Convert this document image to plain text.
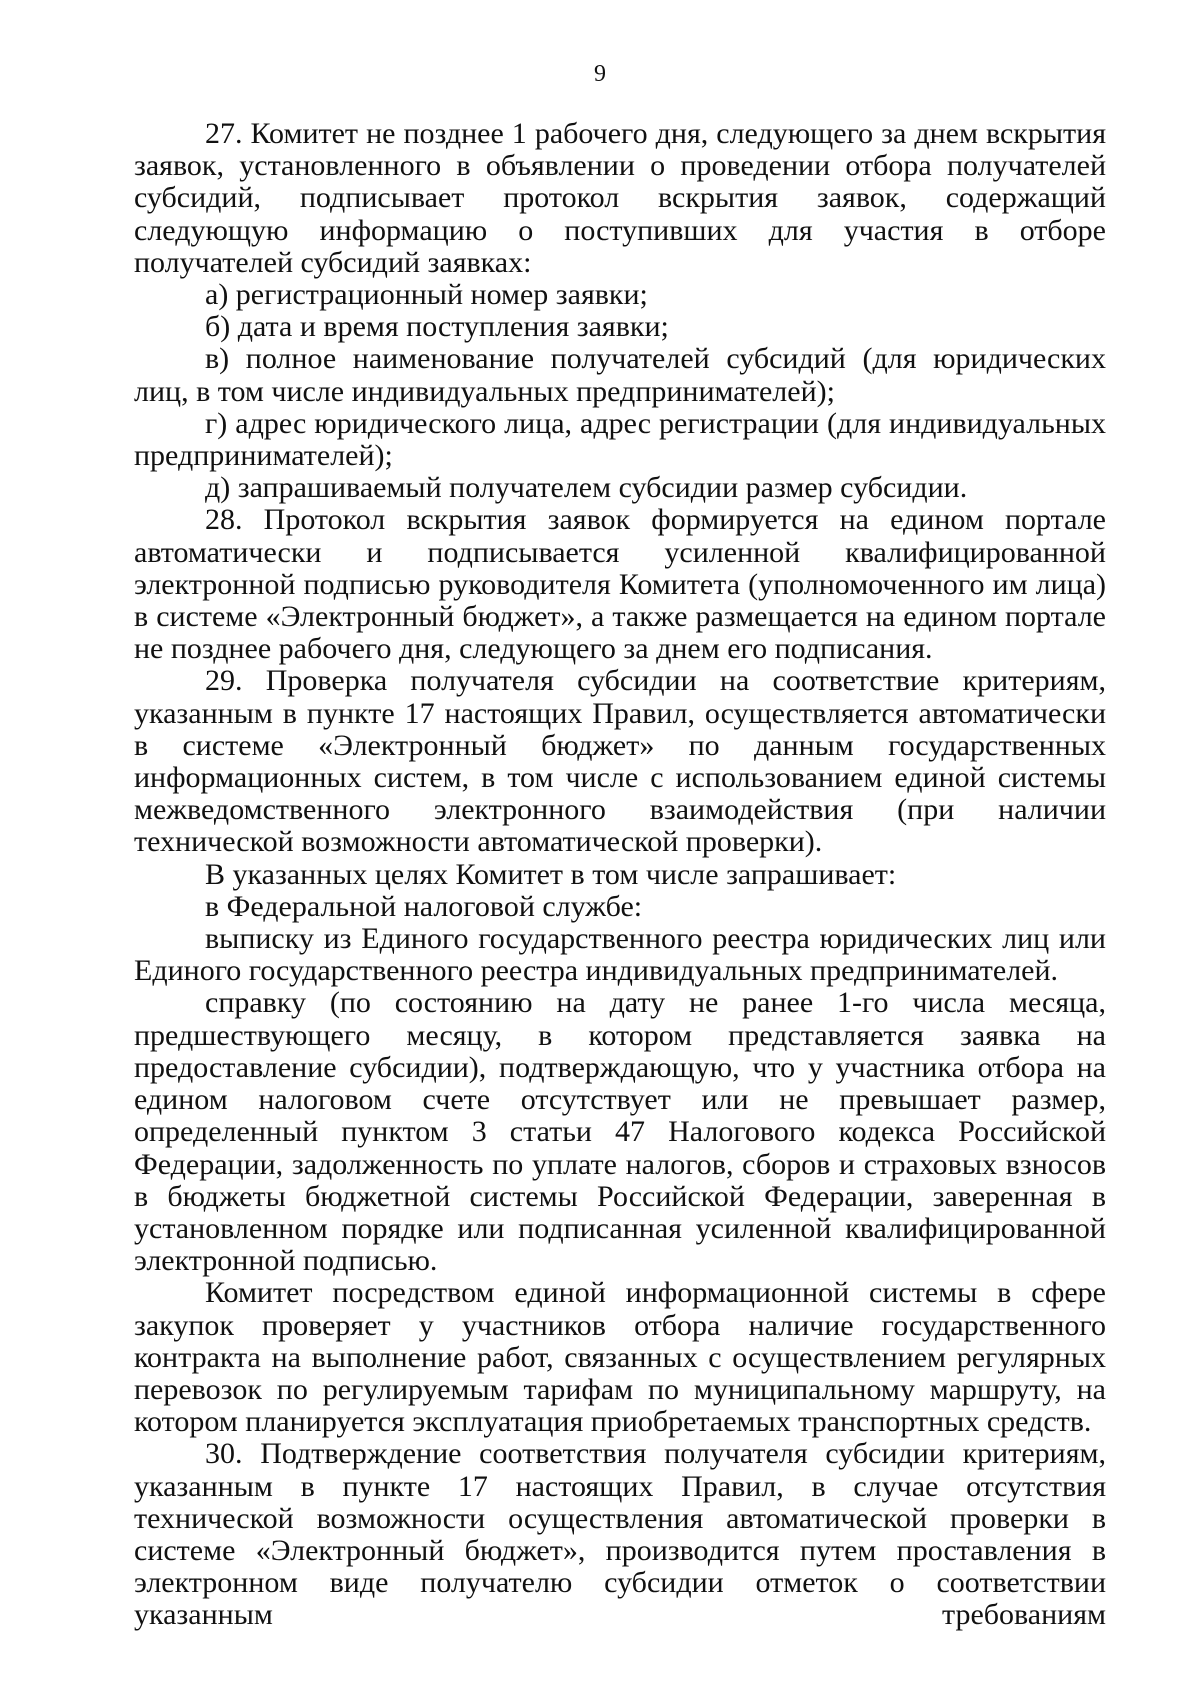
9

27. Комитет не позднее 1 рабочего дня, следующего за днем вскрытия заявок, установленного в объявлении о проведении отбора получателей субсидий, подписывает протокол вскрытия заявок, содержащий следующую информацию о поступивших для участия в отборе получателей субсидий заявках:

а) регистрационный номер заявки;

б) дата и время поступления заявки;

в) полное наименование получателей субсидий (для юридических лиц, в том числе индивидуальных предпринимателей);

г) адрес юридического лица, адрес регистрации (для индивидуальных предпринимателей);

д) запрашиваемый получателем субсидии размер субсидии.

28. Протокол вскрытия заявок формируется на едином портале автоматически и подписывается усиленной квалифицированной электронной подписью руководителя Комитета (уполномоченного им лица) в системе «Электронный бюджет», а также размещается на едином портале не позднее рабочего дня, следующего за днем его подписания.

29. Проверка получателя субсидии на соответствие критериям, указанным в пункте 17 настоящих Правил, осуществляется автоматически в системе «Электронный бюджет» по данным государственных информационных систем, в том числе с использованием единой системы межведомственного электронного взаимодействия (при наличии технической возможности автоматической проверки).

В указанных целях Комитет в том числе запрашивает:

в Федеральной налоговой службе:

выписку из Единого государственного реестра юридических лиц или Единого государственного реестра индивидуальных предпринимателей.

справку (по состоянию на дату не ранее 1-го числа месяца, предшествующего месяцу, в котором представляется заявка на предоставление субсидии), подтверждающую, что у участника отбора на едином налоговом счете отсутствует или не превышает размер, определенный пунктом 3 статьи 47 Налогового кодекса Российской Федерации, задолженность по уплате налогов, сборов и страховых взносов в бюджеты бюджетной системы Российской Федерации, заверенная в установленном порядке или подписанная усиленной квалифицированной электронной подписью.

Комитет посредством единой информационной системы в сфере закупок проверяет у участников отбора наличие государственного контракта на выполнение работ, связанных с осуществлением регулярных перевозок по регулируемым тарифам по муниципальному маршруту, на котором планируется эксплуатация приобретаемых транспортных средств.

30. Подтверждение соответствия получателя субсидии критериям, указанным в пункте 17 настоящих Правил, в случае отсутствия технической возможности осуществления автоматической проверки в системе «Электронный бюджет», производится путем проставления в электронном виде получателю субсидии отметок о соответствии указанным требованиям
